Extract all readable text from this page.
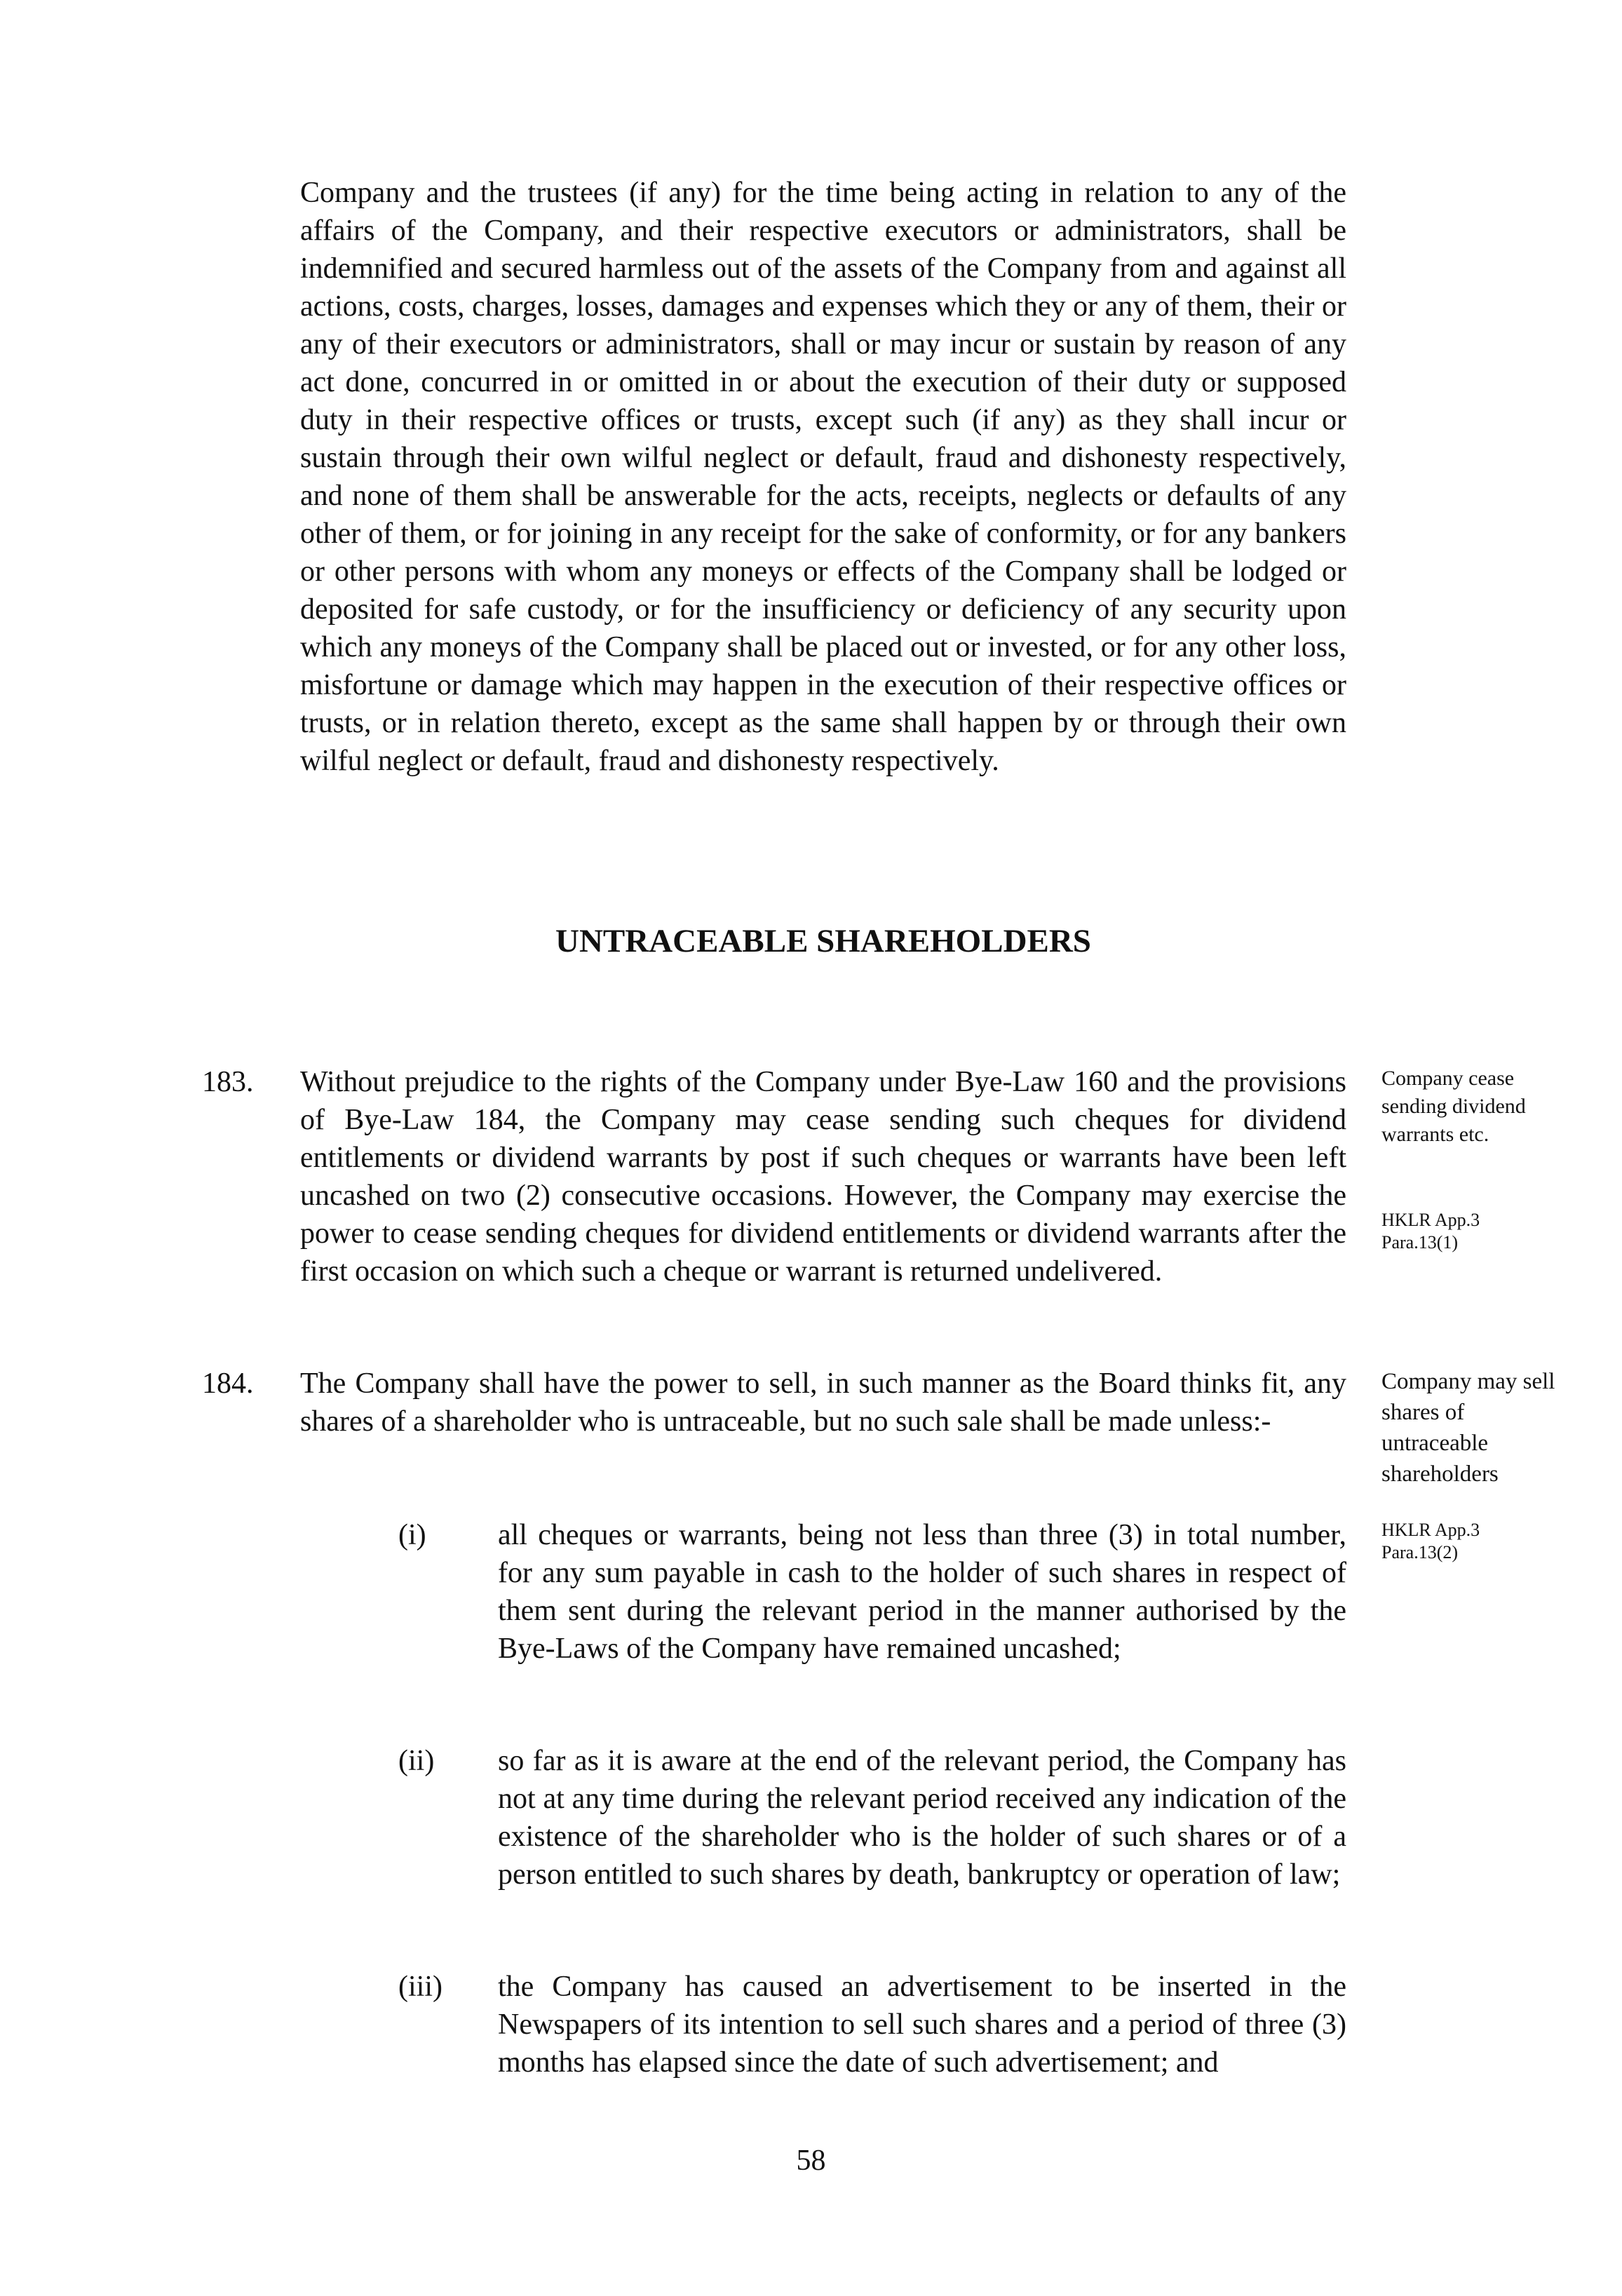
Company and the trustees (if any) for the time being acting in relation to any of the affairs of the Company, and their respective executors or administrators, shall be indemnified and secured harmless out of the assets of the Company from and against all actions, costs, charges, losses, damages and expenses which they or any of them, their or any of their executors or administrators, shall or may incur or sustain by reason of any act done, concurred in or omitted in or about the execution of their duty or supposed duty in their respective offices or trusts, except such (if any) as they shall incur or sustain through their own wilful neglect or default, fraud and dishonesty respectively, and none of them shall be answerable for the acts, receipts, neglects or defaults of any other of them, or for joining in any receipt for the sake of conformity, or for any bankers or other persons with whom any moneys or effects of the Company shall be lodged or deposited for safe custody, or for the insufficiency or deficiency of any security upon which any moneys of the Company shall be placed out or invested, or for any other loss, misfortune or damage which may happen in the execution of their respective offices or trusts, or in relation thereto, except as the same shall happen by or through their own wilful neglect or default, fraud and dishonesty respectively.

UNTRACEABLE SHAREHOLDERS
183. Without prejudice to the rights of the Company under Bye-Law 160 and the provisions of Bye-Law 184, the Company may cease sending such cheques for dividend entitlements or dividend warrants by post if such cheques or warrants have been left uncashed on two (2) consecutive occasions. However, the Company may exercise the power to cease sending cheques for dividend entitlements or dividend warrants after the first occasion on which such a cheque or warrant is returned undelivered.

Company cease sending dividend warrants etc.

HKLR App.3 Para.13(1)

184. The Company shall have the power to sell, in such manner as the Board thinks fit, any shares of a shareholder who is untraceable, but no such sale shall be made unless:-

Company may sell shares of untraceable shareholders

HKLR App.3 Para.13(2)

(i) all cheques or warrants, being not less than three (3) in total number, for any sum payable in cash to the holder of such shares in respect of them sent during the relevant period in the manner authorised by the Bye-Laws of the Company have remained uncashed;

(ii) so far as it is aware at the end of the relevant period, the Company has not at any time during the relevant period received any indication of the existence of the shareholder who is the holder of such shares or of a person entitled to such shares by death, bankruptcy or operation of law;

(iii) the Company has caused an advertisement to be inserted in the Newspapers of its intention to sell such shares and a period of three (3) months has elapsed since the date of such advertisement; and

58
